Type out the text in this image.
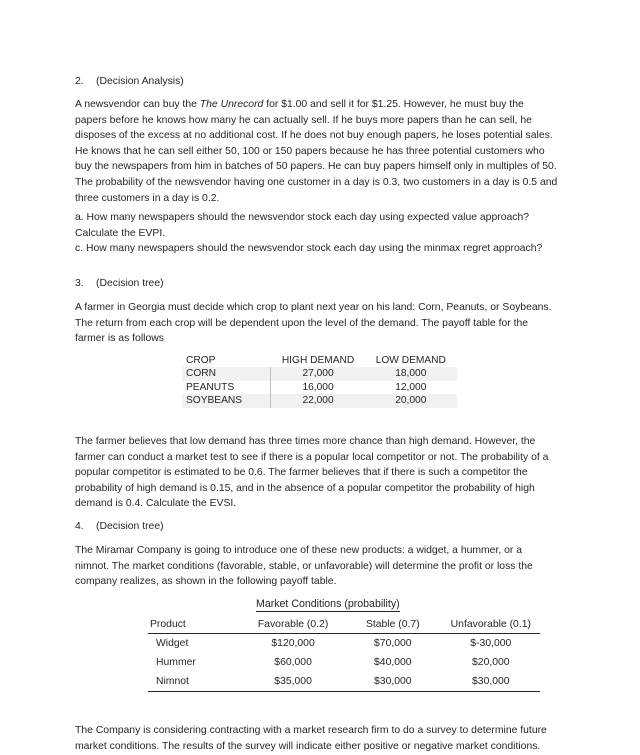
2. (Decision Analysis)
A newsvendor can buy the The Unrecord for $1.00 and sell it for $1.25. However, he must buy the
papers before he knows how many he can actually sell. If he buys more papers than he can sell, he
disposes of the excess at no additional cost. If he does not buy enough papers, he loses potential sales.
He knows that he can sell either 50, 100 or 150 papers because he has three potential customers who
buy the newspapers from him in batches of 50 papers. He can buy papers himself only in multiples of 50.
The probability of the newsvendor having one customer in a day is 0.3, two customers in a day is 0.5 and
three customers in a day is 0.2.
a. How many newspapers should the newsvendor stock each day using expected value approach?
Calculate the EVPI.
c. How many newspapers should the newsvendor stock each day using the minmax regret approach?
3. (Decision tree)
A farmer in Georgia must decide which crop to plant next year on his land: Corn, Peanuts, or Soybeans.
The return from each crop will be dependent upon the level of the demand. The payoff table for the
farmer is as follows
CROP	HIGH DEMAND	LOW DEMAND
CORN	27,000	18,000
PEANUTS	16,000	12,000
SOYBEANS	22,000	20,000
The farmer believes that low demand has three times more chance than high demand. However, the
farmer can conduct a market test to see if there is a popular local competitor or not. The probability of a
popular competitor is estimated to be 0.6. The farmer believes that if there is such a competitor the
probability of high demand is 0.15, and in the absence of a popular competitor the probability of high
demand is 0.4. Calculate the EVSI.
4. (Decision tree)
The Miramar Company is going to introduce one of these new products: a widget, a hummer, or a
nimnot. The market conditions (favorable, stable, or unfavorable) will determine the profit or loss the
company realizes, as shown in the following payoff table.
Market Conditions (probability)
Product	Favorable (0.2)	Stable (0.7)	Unfavorable (0.1)
Widget	$120,000	$70,000	$-30,000
Hummer	$60,000	$40,000	$20,000
Nimnot	$35,000	$30,000	$30,000
The Company is considering contracting with a market research firm to do a survey to determine future
market conditions. The results of the survey will indicate either positive or negative market conditions.
